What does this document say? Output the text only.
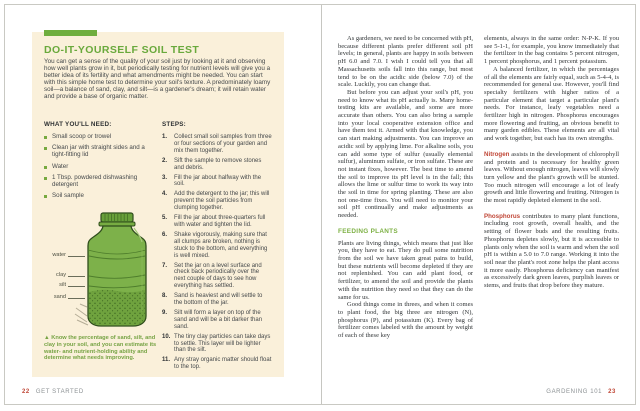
DO-IT-YOURSELF SOIL TEST

You can get a sense of the quality of your soil just by looking at it and observing how well plants grow in it, but periodically testing for nutrient levels will give you a better idea of its fertility and what amendments might be needed. You can start with this simple home test to determine your soil's texture. A predominately loamy soil—a balance of sand, clay, and silt—is a gardener's dream; it will retain water and provide a base of organic matter.

WHAT YOU'LL NEED:
Small scoop or trowel
Clean jar with straight sides and a tight-fitting lid
Water
1 Tbsp. powdered dishwashing detergent
Soil sample
water
clay
silt
sand

▲ Know the percentage of sand, silt, and clay in your soil, and you can estimate its water- and nutrient-holding ability and determine what needs improving.

STEPS:
1.	Collect small soil samples from three or four sections of your garden and mix them together.
2.	Sift the sample to remove stones and debris.
3.	Fill the jar about halfway with the soil.
4.	Add the detergent to the jar; this will prevent the soil particles from clumping together.
5.	Fill the jar about three-quarters full with water and tighten the lid.
6.	Shake vigorously, making sure that all clumps are broken, nothing is stuck to the bottom, and everything is well mixed.
7.	Set the jar on a level surface and check back periodically over the next couple of days to see how everything has settled.
8.	Sand is heaviest and will settle to the bottom of the jar.
9.	Silt will form a layer on top of the sand and will be a bit darker than sand.
10. The tiny clay particles can take days to settle. This layer will be lighter than the silt.
11. Any stray organic matter should float to the top.
22 GET STARTED

As gardeners, we need to be concerned with pH, because different plants prefer different soil pH levels; in general, plants are happy in soils between pH 6.0 and 7.0. I wish I could tell you that all Massachusetts soils fall into this range, but most tend to be on the acidic side (below 7.0) of the scale. Luckily, you can change that.

But before you can adjust your soil's pH, you need to know what its pH actually is. Many home-testing kits are available, and some are more accurate than others. You can also bring a sample into your local cooperative extension office and have them test it. Armed with that knowledge, you can start making adjustments. You can improve an acidic soil by applying lime. For alkaline soils, you can add some type of sulfur (usually elemental sulfur), aluminum sulfate, or iron sulfate. These are not instant fixes, however. The best time to amend the soil to improve its pH level is in the fall; this allows the lime or sulfur time to work its way into the soil in time for spring planting. These are also not one-time fixes. You will need to monitor your soil pH continually and make adjustments as needed.

FEEDING PLANTS

Plants are living things, which means that just like you, they have to eat. They do pull some nutrition from the soil we have taken great pains to build, but these nutrients will become depleted if they are not replenished. You can add plant food, or fertilizer, to amend the soil and provide the plants with the nutrition they need so that they can do the same for us.

Good things come in threes, and when it comes to plant food, the big three are nitrogen (N), phosphorus (P), and potassium (K). Every bag of fertilizer comes labeled with the amount by weight of each of these key

elements, always in the same order: N-P-K. If you see 5-1-1, for example, you know immediately that the fertilizer in the bag contains 5 percent nitrogen, 1 percent phosphorus, and 1 percent potassium.

A balanced fertilizer, in which the percentages of all the elements are fairly equal, such as 5-4-4, is recommended for general use. However, you'll find specialty fertilizers with higher ratios of a particular element that target a particular plant's needs. For instance, leafy vegetables need a fertilizer high in nitrogen. Phosphorus encourages more flowering and fruiting, an obvious benefit to many garden edibles. These elements are all vital and work together, but each has its own strengths.

Nitrogen assists in the development of chlorophyll and protein and is necessary for healthy green leaves. Without enough nitrogen, leaves will slowly turn yellow and the plant's growth will be stunted. Too much nitrogen will encourage a lot of leafy growth and little flowering and fruiting. Nitrogen is the most rapidly depleted element in the soil.

Phosphorus contributes to many plant functions, including root growth, overall health, and the setting of flower buds and the resulting fruits. Phosphorus depletes slowly, but it is accessible to plants only when the soil is warm and when the soil pH is within a 5.0 to 7.0 range. Working it into the soil near the plant's root zone helps the plant access it more easily. Phosphorus deficiency can manifest as excessively dark green leaves, purplish leaves or stems, and fruits that drop before they mature.

GARDENING 101 23
